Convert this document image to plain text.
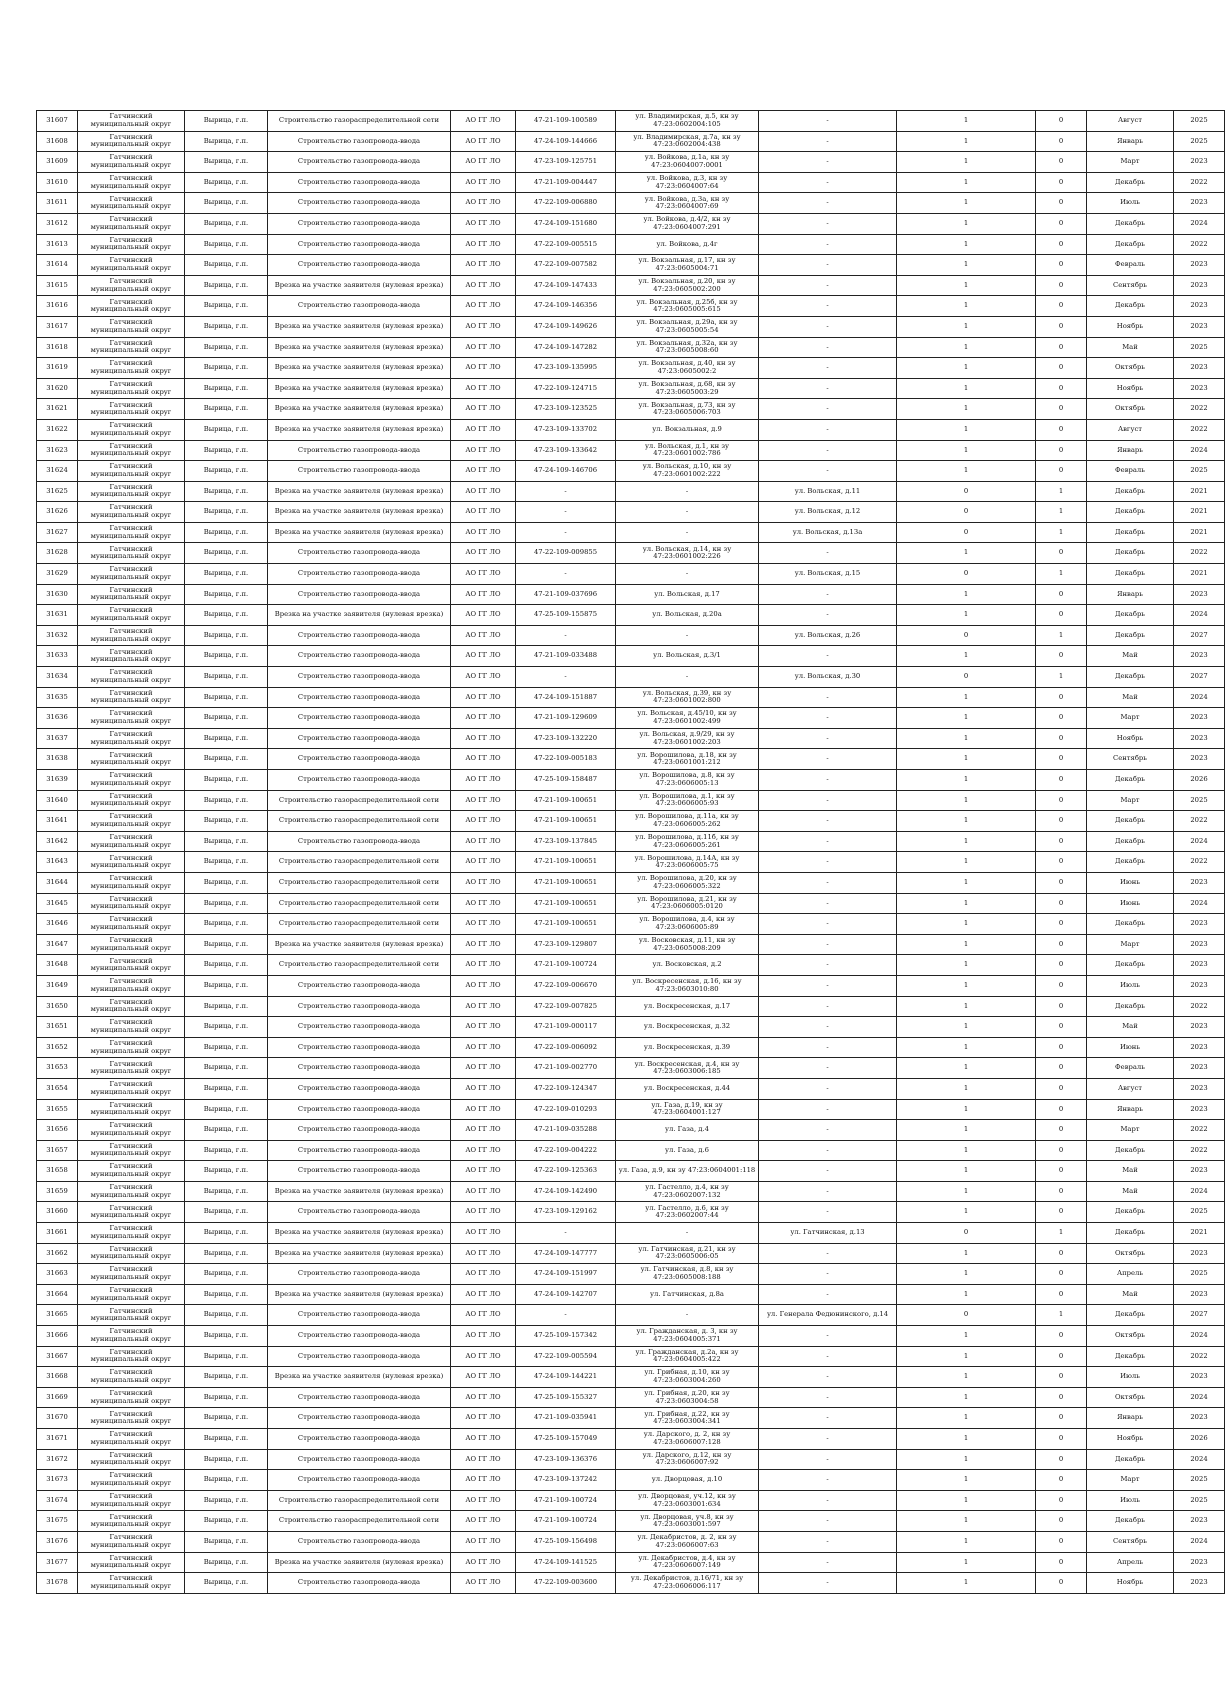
31607	Гатчинский муниципальный округ	Вырица, г.п.	Строительство газораспределительной сети	АО ГГ ЛО	47-21-109-100589	ул. Владимирская, д.5, кн зу 47:23:0602004:105	-	1	0	Август	2025
31608	Гатчинский муниципальный округ	Вырица, г.п.	Строительство газопровода-ввода	АО ГГ ЛО	47-24-109-144666	ул. Владимирская, д.7а, кн зу 47:23:0602004:438	-	1	0	Январь	2025
31609	Гатчинский муниципальный округ	Вырица, г.п.	Строительство газопровода-ввода	АО ГГ ЛО	47-23-109-125751	ул. Войкова, д.1а, кн зу 47:23:0604007:0001	-	1	0	Март	2023
31610	Гатчинский муниципальный округ	Вырица, г.п.	Строительство газопровода-ввода	АО ГГ ЛО	47-21-109-004447	ул. Войкова, д.3, кн зу 47:23:0604007:64	-	1	0	Декабрь	2022
31611	Гатчинский муниципальный округ	Вырица, г.п.	Строительство газопровода-ввода	АО ГГ ЛО	47-22-109-006880	ул. Войкова, д.3а, кн зу 47:23:0604007:69	-	1	0	Июль	2023
31612	Гатчинский муниципальный округ	Вырица, г.п.	Строительство газопровода-ввода	АО ГГ ЛО	47-24-109-151680	ул. Войкова, д.4/2, кн зу 47:23:0604007:291	-	1	0	Декабрь	2024
31613	Гатчинский муниципальный округ	Вырица, г.п.	Строительство газопровода-ввода	АО ГГ ЛО	47-22-109-005515	ул. Войкова, д.4г	-	1	0	Декабрь	2022
31614	Гатчинский муниципальный округ	Вырица, г.п.	Строительство газопровода-ввода	АО ГГ ЛО	47-22-109-007582	ул. Вокзальная, д.17, кн зу 47:23:0605004:71	-	1	0	Февраль	2023
31615	Гатчинский муниципальный округ	Вырица, г.п.	Врезка на участке заявителя (нулевая врезка)	АО ГГ ЛО	47-24-109-147433	ул. Вокзальная, д.20, кн зу 47:23:0605002:200	-	1	0	Сентябрь	2023
31616	Гатчинский муниципальный округ	Вырица, г.п.	Строительство газопровода-ввода	АО ГГ ЛО	47-24-109-146356	ул. Вокзальная, д.25б, кн зу 47:23:0605005:615	-	1	0	Декабрь	2023
31617	Гатчинский муниципальный округ	Вырица, г.п.	Врезка на участке заявителя (нулевая врезка)	АО ГГ ЛО	47-24-109-149626	ул. Вокзальная, д.29а, кн зу 47:23:0605005:54	-	1	0	Ноябрь	2023
31618	Гатчинский муниципальный округ	Вырица, г.п.	Врезка на участке заявителя (нулевая врезка)	АО ГГ ЛО	47-24-109-147282	ул. Вокзальная, д.32а, кн зу 47:23:0605008:60	-	1	0	Май	2025
31619	Гатчинский муниципальный округ	Вырица, г.п.	Врезка на участке заявителя (нулевая врезка)	АО ГГ ЛО	47-23-109-135995	ул. Вокзальная, д.40, кн зу 47:23:0605002:2	-	1	0	Октябрь	2023
31620	Гатчинский муниципальный округ	Вырица, г.п.	Врезка на участке заявителя (нулевая врезка)	АО ГГ ЛО	47-22-109-124715	ул. Вокзальная, д.68, кн зу 47:23:0605003:29	-	1	0	Ноябрь	2023
31621	Гатчинский муниципальный округ	Вырица, г.п.	Врезка на участке заявителя (нулевая врезка)	АО ГГ ЛО	47-23-109-123525	ул. Вокзальная, д.73, кн зу 47:23:0605006:703	-	1	0	Октябрь	2022
31622	Гатчинский муниципальный округ	Вырица, г.п.	Врезка на участке заявителя (нулевая врезка)	АО ГГ ЛО	47-23-109-133702	ул. Вокзальная, д.9	-	1	0	Август	2022
31623	Гатчинский муниципальный округ	Вырица, г.п.	Строительство газопровода-ввода	АО ГГ ЛО	47-23-109-133642	ул. Вольская, д.1, кн зу 47:23:0601002:786	-	1	0	Январь	2024
31624	Гатчинский муниципальный округ	Вырица, г.п.	Строительство газопровода-ввода	АО ГГ ЛО	47-24-109-146706	ул. Вольская, д.10, кн зу 47:23:0601002:222	-	1	0	Февраль	2025
31625	Гатчинский муниципальный округ	Вырица, г.п.	Врезка на участке заявителя (нулевая врезка)	АО ГГ ЛО	-	-	ул. Вольская, д.11	0	1	Декабрь	2021
31626	Гатчинский муниципальный округ	Вырица, г.п.	Врезка на участке заявителя (нулевая врезка)	АО ГГ ЛО	-	-	ул. Вольская, д.12	0	1	Декабрь	2021
31627	Гатчинский муниципальный округ	Вырица, г.п.	Врезка на участке заявителя (нулевая врезка)	АО ГГ ЛО	-	-	ул. Вольская, д.13а	0	1	Декабрь	2021
31628	Гатчинский муниципальный округ	Вырица, г.п.	Строительство газопровода-ввода	АО ГГ ЛО	47-22-109-009855	ул. Вольская, д.14, кн зу 47:23:0601002:226	-	1	0	Декабрь	2022
31629	Гатчинский муниципальный округ	Вырица, г.п.	Строительство газопровода-ввода	АО ГГ ЛО	-	-	ул. Вольская, д.15	0	1	Декабрь	2021
31630	Гатчинский муниципальный округ	Вырица, г.п.	Строительство газопровода-ввода	АО ГГ ЛО	47-21-109-037696	ул. Вольская, д.17	-	1	0	Январь	2023
31631	Гатчинский муниципальный округ	Вырица, г.п.	Врезка на участке заявителя (нулевая врезка)	АО ГГ ЛО	47-25-109-155875	ул. Вольская, д.20а	-	1	0	Декабрь	2024
31632	Гатчинский муниципальный округ	Вырица, г.п.	Строительство газопровода-ввода	АО ГГ ЛО	-	-	ул. Вольская, д.26	0	1	Декабрь	2027
31633	Гатчинский муниципальный округ	Вырица, г.п.	Строительство газопровода-ввода	АО ГГ ЛО	47-21-109-033488	ул. Вольская, д.3/1	-	1	0	Май	2023
31634	Гатчинский муниципальный округ	Вырица, г.п.	Строительство газопровода-ввода	АО ГГ ЛО	-	-	ул. Вольская, д.30	0	1	Декабрь	2027
31635	Гатчинский муниципальный округ	Вырица, г.п.	Строительство газопровода-ввода	АО ГГ ЛО	47-24-109-151887	ул. Вольская, д.39, кн зу 47:23:0601002:800	-	1	0	Май	2024
31636	Гатчинский муниципальный округ	Вырица, г.п.	Строительство газопровода-ввода	АО ГГ ЛО	47-21-109-129609	ул. Вольская, д.45/10, кн зу 47:23:0601002:499	-	1	0	Март	2023
31637	Гатчинский муниципальный округ	Вырица, г.п.	Строительство газопровода-ввода	АО ГГ ЛО	47-23-109-132220	ул. Вольская, д.9/29, кн зу 47:23:0601002:203	-	1	0	Ноябрь	2023
31638	Гатчинский муниципальный округ	Вырица, г.п.	Строительство газопровода-ввода	АО ГГ ЛО	47-22-109-005183	ул. Ворошилова, д.18, кн зу 47:23:0601001:212	-	1	0	Сентябрь	2023
31639	Гатчинский муниципальный округ	Вырица, г.п.	Строительство газопровода-ввода	АО ГГ ЛО	47-25-109-158487	ул. Ворошилова, д.8, кн зу 47:23:0606005:13	-	1	0	Декабрь	2026
31640	Гатчинский муниципальный округ	Вырица, г.п.	Строительство газораспределительной сети	АО ГГ ЛО	47-21-109-100651	ул. Ворошилова, д.1, кн зу 47:23:0606005:93	-	1	0	Март	2025
31641	Гатчинский муниципальный округ	Вырица, г.п.	Строительство газораспределительной сети	АО ГГ ЛО	47-21-109-100651	ул. Ворошилова, д.11а, кн зу 47:23:0606005:262	-	1	0	Декабрь	2022
31642	Гатчинский муниципальный округ	Вырица, г.п.	Строительство газопровода-ввода	АО ГГ ЛО	47-23-109-137845	ул. Ворошилова, д.11б, кн зу 47:23:0606005:261	-	1	0	Декабрь	2024
31643	Гатчинский муниципальный округ	Вырица, г.п.	Строительство газораспределительной сети	АО ГГ ЛО	47-21-109-100651	ул. Ворошилова, д.14А, кн зу 47:23:0606005:75	-	1	0	Декабрь	2022
31644	Гатчинский муниципальный округ	Вырица, г.п.	Строительство газораспределительной сети	АО ГГ ЛО	47-21-109-100651	ул. Ворошилова, д.20, кн зу 47:23:0606005:322	-	1	0	Июнь	2023
31645	Гатчинский муниципальный округ	Вырица, г.п.	Строительство газораспределительной сети	АО ГГ ЛО	47-21-109-100651	ул. Ворошилова, д.21, кн зу 47:23:0606005:0120	-	1	0	Июнь	2024
31646	Гатчинский муниципальный округ	Вырица, г.п.	Строительство газораспределительной сети	АО ГГ ЛО	47-21-109-100651	ул. Ворошилова, д.4, кн зу 47:23:0606005:89	-	1	0	Декабрь	2023
31647	Гатчинский муниципальный округ	Вырица, г.п.	Врезка на участке заявителя (нулевая врезка)	АО ГГ ЛО	47-23-109-129807	ул. Восковская, д.11, кн зу 47:23:0605008:209	-	1	0	Март	2023
31648	Гатчинский муниципальный округ	Вырица, г.п.	Строительство газораспределительной сети	АО ГГ ЛО	47-21-109-100724	ул. Восковская, д.2	-	1	0	Декабрь	2023
31649	Гатчинский муниципальный округ	Вырица, г.п.	Строительство газопровода-ввода	АО ГГ ЛО	47-22-109-006670	ул. Воскресенская, д.16, кн зу 47:23:0603010:80	-	1	0	Июль	2023
31650	Гатчинский муниципальный округ	Вырица, г.п.	Строительство газопровода-ввода	АО ГГ ЛО	47-22-109-007825	ул. Воскресенская, д.17	-	1	0	Декабрь	2022
31651	Гатчинский муниципальный округ	Вырица, г.п.	Строительство газопровода-ввода	АО ГГ ЛО	47-21-109-000117	ул. Воскресенская, д.32	-	1	0	Май	2023
31652	Гатчинский муниципальный округ	Вырица, г.п.	Строительство газопровода-ввода	АО ГГ ЛО	47-22-109-006092	ул. Воскресенская, д.39	-	1	0	Июнь	2023
31653	Гатчинский муниципальный округ	Вырица, г.п.	Строительство газопровода-ввода	АО ГГ ЛО	47-21-109-002770	ул. Воскресенская, д.4, кн зу 47:23:0603006:185	-	1	0	Февраль	2023
31654	Гатчинский муниципальный округ	Вырица, г.п.	Строительство газопровода-ввода	АО ГГ ЛО	47-22-109-124347	ул. Воскресенская, д.44	-	1	0	Август	2023
31655	Гатчинский муниципальный округ	Вырица, г.п.	Строительство газопровода-ввода	АО ГГ ЛО	47-22-109-010293	ул. Газа, д.19, кн зу 47:23:0604001:127	-	1	0	Январь	2023
31656	Гатчинский муниципальный округ	Вырица, г.п.	Строительство газопровода-ввода	АО ГГ ЛО	47-21-109-035288	ул. Газа, д.4	-	1	0	Март	2022
31657	Гатчинский муниципальный округ	Вырица, г.п.	Строительство газопровода-ввода	АО ГГ ЛО	47-22-109-004222	ул. Газа, д.6	-	1	0	Декабрь	2022
31658	Гатчинский муниципальный округ	Вырица, г.п.	Строительство газопровода-ввода	АО ГГ ЛО	47-22-109-125363	ул. Газа, д.9, кн зу 47:23:0604001:118	-	1	0	Май	2023
31659	Гатчинский муниципальный округ	Вырица, г.п.	Врезка на участке заявителя (нулевая врезка)	АО ГГ ЛО	47-24-109-142490	ул. Гастелло, д.4, кн зу 47:23:0602007:132	-	1	0	Май	2024
31660	Гатчинский муниципальный округ	Вырица, г.п.	Строительство газопровода-ввода	АО ГГ ЛО	47-23-109-129162	ул. Гастелло, д.6, кн зу 47:23:0602007:44	-	1	0	Декабрь	2025
31661	Гатчинский муниципальный округ	Вырица, г.п.	Врезка на участке заявителя (нулевая врезка)	АО ГГ ЛО	-	-	ул. Гатчинская, д.13	0	1	Декабрь	2021
31662	Гатчинский муниципальный округ	Вырица, г.п.	Врезка на участке заявителя (нулевая врезка)	АО ГГ ЛО	47-24-109-147777	ул. Гатчинская, д.21, кн зу 47:23:0605006:05	-	1	0	Октябрь	2023
31663	Гатчинский муниципальный округ	Вырица, г.п.	Строительство газопровода-ввода	АО ГГ ЛО	47-24-109-151997	ул. Гатчинская, д.8, кн зу 47:23:0605008:188	-	1	0	Апрель	2025
31664	Гатчинский муниципальный округ	Вырица, г.п.	Врезка на участке заявителя (нулевая врезка)	АО ГГ ЛО	47-24-109-142707	ул. Гатчинская, д.8а	-	1	0	Май	2023
31665	Гатчинский муниципальный округ	Вырица, г.п.	Строительство газопровода-ввода	АО ГГ ЛО	-	-	ул. Генерала Федюнинского, д.14	0	1	Декабрь	2027
31666	Гатчинский муниципальный округ	Вырица, г.п.	Строительство газопровода-ввода	АО ГГ ЛО	47-25-109-157342	ул. Гражданская, д. 3, кн зу 47:23:0604005:371	-	1	0	Октябрь	2024
31667	Гатчинский муниципальный округ	Вырица, г.п.	Строительство газопровода-ввода	АО ГГ ЛО	47-22-109-005594	ул. Гражданская, д.2а, кн зу 47:23:0604005:422	-	1	0	Декабрь	2022
31668	Гатчинский муниципальный округ	Вырица, г.п.	Врезка на участке заявителя (нулевая врезка)	АО ГГ ЛО	47-24-109-144221	ул. Грибная, д.10, кн зу 47:23:0603004:260	-	1	0	Июль	2023
31669	Гатчинский муниципальный округ	Вырица, г.п.	Строительство газопровода-ввода	АО ГГ ЛО	47-25-109-155327	ул. Грибная, д.20, кн зу 47:23:0603004:58	-	1	0	Октябрь	2024
31670	Гатчинский муниципальный округ	Вырица, г.п.	Строительство газопровода-ввода	АО ГГ ЛО	47-21-109-035941	ул. Грибная, д.22, кн зу 47:23:0603004:341	-	1	0	Январь	2023
31671	Гатчинский муниципальный округ	Вырица, г.п.	Строительство газопровода-ввода	АО ГГ ЛО	47-25-109-157049	ул. Дарского, д. 2, кн зу 47:23:0606007:128	-	1	0	Ноябрь	2026
31672	Гатчинский муниципальный округ	Вырица, г.п.	Строительство газопровода-ввода	АО ГГ ЛО	47-23-109-136376	ул. Дарского, д.12, кн зу 47:23:0606007:92	-	1	0	Декабрь	2024
31673	Гатчинский муниципальный округ	Вырица, г.п.	Строительство газопровода-ввода	АО ГГ ЛО	47-23-109-137242	ул. Дворцовая, д.10	-	1	0	Март	2025
31674	Гатчинский муниципальный округ	Вырица, г.п.	Строительство газораспределительной сети	АО ГГ ЛО	47-21-109-100724	ул. Дворцовая, уч.12, кн зу 47:23:0603001:634	-	1	0	Июль	2025
31675	Гатчинский муниципальный округ	Вырица, г.п.	Строительство газораспределительной сети	АО ГГ ЛО	47-21-109-100724	ул. Дворцовая, уч.8, кн зу 47:23:0603001:597	-	1	0	Декабрь	2023
31676	Гатчинский муниципальный округ	Вырица, г.п.	Строительство газопровода-ввода	АО ГГ ЛО	47-25-109-156498	ул. Декабристов, д. 2, кн зу 47:23:0606007:63	-	1	0	Сентябрь	2024
31677	Гатчинский муниципальный округ	Вырица, г.п.	Врезка на участке заявителя (нулевая врезка)	АО ГГ ЛО	47-24-109-141525	ул. Декабристов, д.4, кн зу 47:23:0606007:149	-	1	0	Апрель	2023
31678	Гатчинский муниципальный округ	Вырица, г.п.	Строительство газопровода-ввода	АО ГГ ЛО	47-22-109-003600	ул. Декабристов, д.16/71, кн зу 47:23:0606006:117	-	1	0	Ноябрь	2023
